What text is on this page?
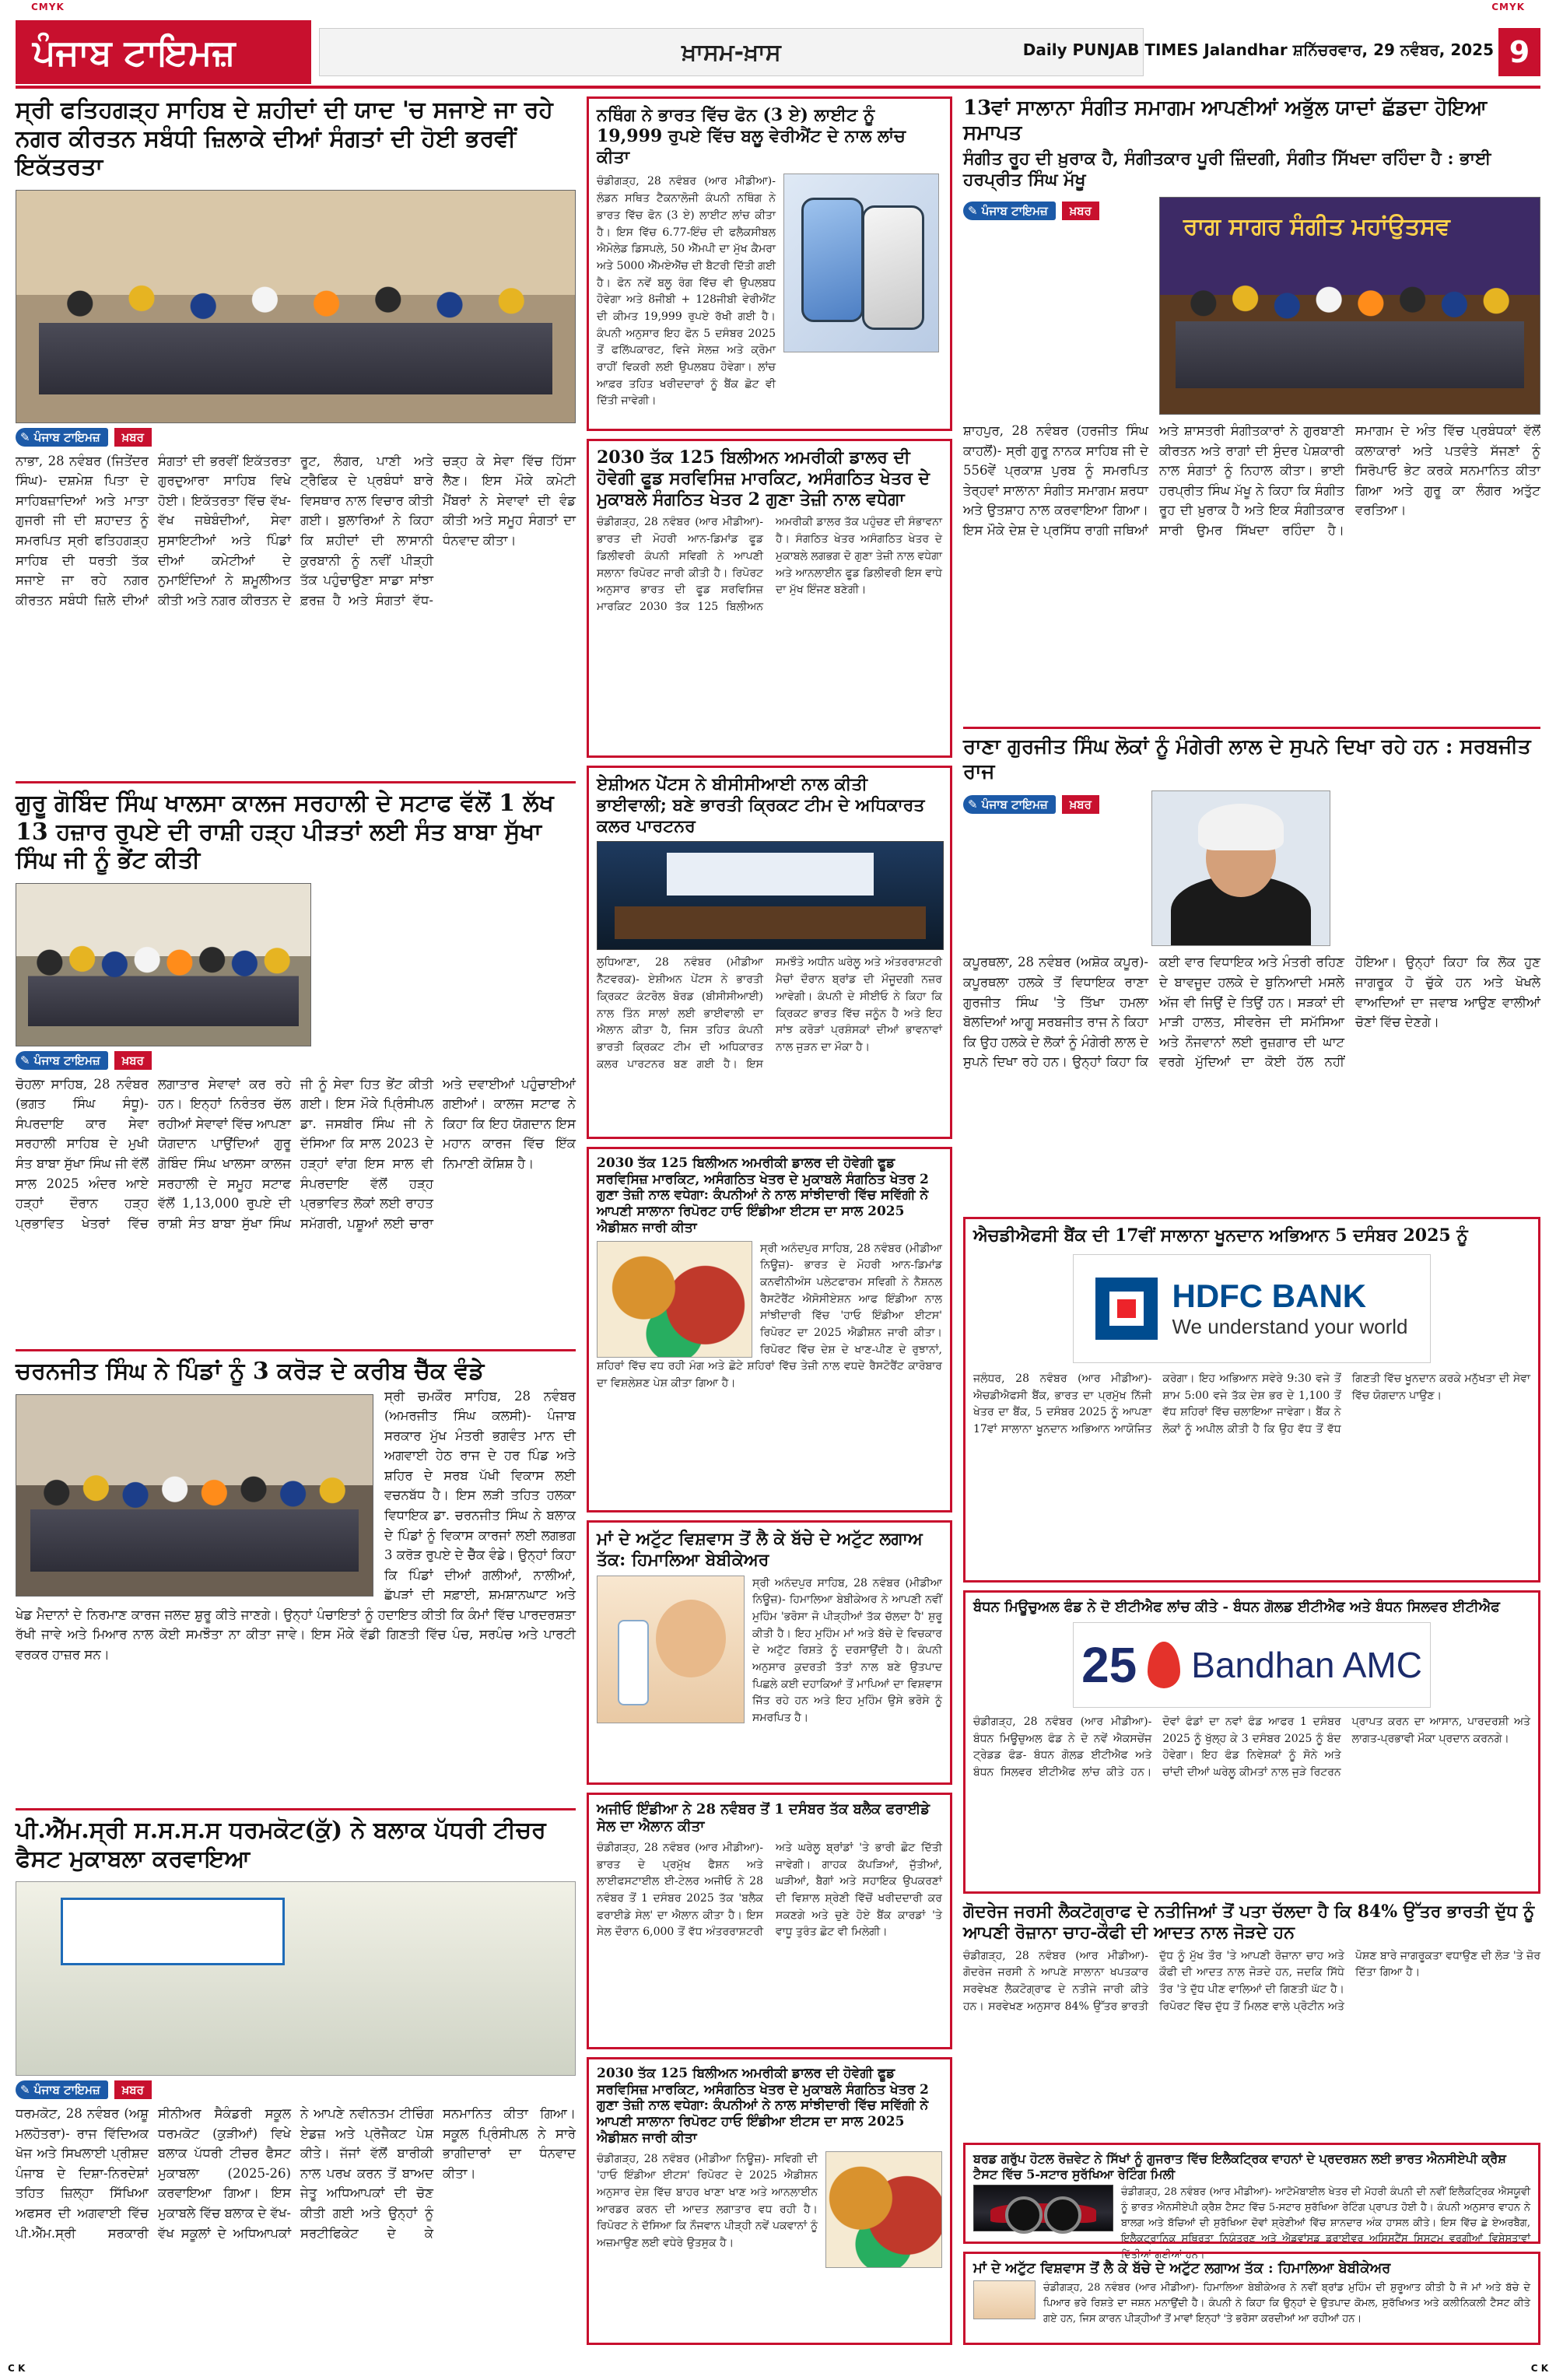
CMYK	CMYK
ਪੰਜਾਬ ਟਾਇਮਜ਼	ਖ਼ਾਸਮ-ਖ਼ਾਸ	Daily PUNJAB TIMES Jalandhar ਸ਼ਨਿੱਚਰਵਾਰ, 29 ਨਵੰਬਰ, 2025 9
ਸ੍ਰੀ ਫਤਿਹਗੜ੍ਹ ਸਾਹਿਬ ਦੇ ਸ਼ਹੀਦਾਂ ਦੀ ਯਾਦ 'ਚ ਸਜਾਏ ਜਾ ਰਹੇ ਨਗਰ ਕੀਰਤਨ ਸਬੰਧੀ ਜ਼ਿਲਾਕੇ ਦੀਆਂ ਸੰਗਤਾਂ ਦੀ ਹੋਈ ਭਰਵੀਂ ਇਕੱਤਰਤਾ
✎ ਪੰਜਾਬ ਟਾਇਮਜ਼	ਖ਼ਬਰ

ਨਾਭਾ, 28 ਨਵੰਬਰ (ਜਿਤੇਂਦਰ ਸਿੰਘ)- ਦਸ਼ਮੇਸ਼ ਪਿਤਾ ਦੇ ਸਾਹਿਬਜ਼ਾਦਿਆਂ ਅਤੇ ਮਾਤਾ ਗੁਜਰੀ ਜੀ ਦੀ ਸ਼ਹਾਦਤ ਨੂੰ ਸਮਰਪਿਤ ਸ੍ਰੀ ਫਤਿਹਗੜ੍ਹ ਸਾਹਿਬ ਦੀ ਧਰਤੀ ਤੱਕ ਸਜਾਏ ਜਾ ਰਹੇ ਨਗਰ ਕੀਰਤਨ ਸਬੰਧੀ ਜ਼ਿਲੇ ਦੀਆਂ ਸੰਗਤਾਂ ਦੀ ਭਰਵੀਂ ਇਕੱਤਰਤਾ ਗੁਰਦੁਆਰਾ ਸਾਹਿਬ ਵਿਖੇ ਹੋਈ। ਇਕੱਤਰਤਾ ਵਿੱਚ ਵੱਖ-ਵੱਖ ਜਥੇਬੰਦੀਆਂ, ਸੇਵਾ ਸੁਸਾਇਟੀਆਂ ਅਤੇ ਪਿੰਡਾਂ ਦੀਆਂ ਕਮੇਟੀਆਂ ਦੇ ਨੁਮਾਇੰਦਿਆਂ ਨੇ ਸ਼ਮੂਲੀਅਤ ਕੀਤੀ ਅਤੇ ਨਗਰ ਕੀਰਤਨ ਦੇ ਰੂਟ, ਲੰਗਰ, ਪਾਣੀ ਅਤੇ ਟ੍ਰੈਫਿਕ ਦੇ ਪ੍ਰਬੰਧਾਂ ਬਾਰੇ ਵਿਸਥਾਰ ਨਾਲ ਵਿਚਾਰ ਕੀਤੀ ਗਈ। ਬੁਲਾਰਿਆਂ ਨੇ ਕਿਹਾ ਕਿ ਸ਼ਹੀਦਾਂ ਦੀ ਲਾਸਾਨੀ ਕੁਰਬਾਨੀ ਨੂੰ ਨਵੀਂ ਪੀੜ੍ਹੀ ਤੱਕ ਪਹੁੰਚਾਉਣਾ ਸਾਡਾ ਸਾਂਝਾ ਫ਼ਰਜ਼ ਹੈ ਅਤੇ ਸੰਗਤਾਂ ਵੱਧ-ਚੜ੍ਹ ਕੇ ਸੇਵਾ ਵਿੱਚ ਹਿੱਸਾ ਲੈਣ। ਇਸ ਮੌਕੇ ਕਮੇਟੀ ਮੈਂਬਰਾਂ ਨੇ ਸੇਵਾਵਾਂ ਦੀ ਵੰਡ ਕੀਤੀ ਅਤੇ ਸਮੂਹ ਸੰਗਤਾਂ ਦਾ ਧੰਨਵਾਦ ਕੀਤਾ।

ਗੁਰੂ ਗੋਬਿੰਦ ਸਿੰਘ ਖਾਲਸਾ ਕਾਲਜ ਸਰਹਾਲੀ ਦੇ ਸਟਾਫ ਵੱਲੋਂ 1 ਲੱਖ 13 ਹਜ਼ਾਰ ਰੁਪਏ ਦੀ ਰਾਸ਼ੀ ਹੜ੍ਹ ਪੀੜਤਾਂ ਲਈ ਸੰਤ ਬਾਬਾ ਸੁੱਖਾ ਸਿੰਘ ਜੀ ਨੂੰ ਭੇਂਟ ਕੀਤੀ
✎ ਪੰਜਾਬ ਟਾਇਮਜ਼	ਖ਼ਬਰ

ਚੋਹਲਾ ਸਾਹਿਬ, 28 ਨਵੰਬਰ (ਭਗਤ ਸਿੰਘ ਸੰਧੂ)- ਸੰਪਰਦਾਇ ਕਾਰ ਸੇਵਾ ਸਰਹਾਲੀ ਸਾਹਿਬ ਦੇ ਮੁਖੀ ਸੰਤ ਬਾਬਾ ਸੁੱਖਾ ਸਿੰਘ ਜੀ ਵੱਲੋਂ ਸਾਲ 2025 ਅੰਦਰ ਆਏ ਹੜ੍ਹਾਂ ਦੌਰਾਨ ਹੜ੍ਹ ਪ੍ਰਭਾਵਿਤ ਖੇਤਰਾਂ ਵਿੱਚ ਲਗਾਤਾਰ ਸੇਵਾਵਾਂ ਕਰ ਰਹੇ ਹਨ। ਇਨ੍ਹਾਂ ਨਿਰੰਤਰ ਚੱਲ ਰਹੀਆਂ ਸੇਵਾਵਾਂ ਵਿੱਚ ਆਪਣਾ ਯੋਗਦਾਨ ਪਾਉਂਦਿਆਂ ਗੁਰੂ ਗੋਬਿੰਦ ਸਿੰਘ ਖਾਲਸਾ ਕਾਲਜ ਸਰਹਾਲੀ ਦੇ ਸਮੂਹ ਸਟਾਫ ਵੱਲੋਂ 1,13,000 ਰੁਪਏ ਦੀ ਰਾਸ਼ੀ ਸੰਤ ਬਾਬਾ ਸੁੱਖਾ ਸਿੰਘ ਜੀ ਨੂੰ ਸੇਵਾ ਹਿਤ ਭੇਂਟ ਕੀਤੀ ਗਈ। ਇਸ ਮੌਕੇ ਪ੍ਰਿੰਸੀਪਲ ਡਾ. ਜਸਬੀਰ ਸਿੰਘ ਜੀ ਨੇ ਦੱਸਿਆ ਕਿ ਸਾਲ 2023 ਦੇ ਹੜ੍ਹਾਂ ਵਾਂਗ ਇਸ ਸਾਲ ਵੀ ਸੰਪਰਦਾਇ ਵੱਲੋਂ ਹੜ੍ਹ ਪ੍ਰਭਾਵਿਤ ਲੋਕਾਂ ਲਈ ਰਾਹਤ ਸਮੱਗਰੀ, ਪਸ਼ੂਆਂ ਲਈ ਚਾਰਾ ਅਤੇ ਦਵਾਈਆਂ ਪਹੁੰਚਾਈਆਂ ਗਈਆਂ। ਕਾਲਜ ਸਟਾਫ ਨੇ ਕਿਹਾ ਕਿ ਇਹ ਯੋਗਦਾਨ ਇਸ ਮਹਾਨ ਕਾਰਜ ਵਿੱਚ ਇੱਕ ਨਿਮਾਣੀ ਕੋਸ਼ਿਸ਼ ਹੈ।

ਚਰਨਜੀਤ ਸਿੰਘ ਨੇ ਪਿੰਡਾਂ ਨੂੰ 3 ਕਰੋੜ ਦੇ ਕਰੀਬ ਚੈੱਕ ਵੰਡੇ

ਸ੍ਰੀ ਚਮਕੌਰ ਸਾਹਿਬ, 28 ਨਵੰਬਰ (ਅਮਰਜੀਤ ਸਿੰਘ ਕਲਸੀ)- ਪੰਜਾਬ ਸਰਕਾਰ ਮੁੱਖ ਮੰਤਰੀ ਭਗਵੰਤ ਮਾਨ ਦੀ ਅਗਵਾਈ ਹੇਠ ਰਾਜ ਦੇ ਹਰ ਪਿੰਡ ਅਤੇ ਸ਼ਹਿਰ ਦੇ ਸਰਬ ਪੱਖੀ ਵਿਕਾਸ ਲਈ ਵਚਨਬੱਧ ਹੈ। ਇਸ ਲੜੀ ਤਹਿਤ ਹਲਕਾ ਵਿਧਾਇਕ ਡਾ. ਚਰਨਜੀਤ ਸਿੰਘ ਨੇ ਬਲਾਕ ਦੇ ਪਿੰਡਾਂ ਨੂੰ ਵਿਕਾਸ ਕਾਰਜਾਂ ਲਈ ਲਗਭਗ 3 ਕਰੋੜ ਰੁਪਏ ਦੇ ਚੈੱਕ ਵੰਡੇ। ਉਨ੍ਹਾਂ ਕਿਹਾ ਕਿ ਪਿੰਡਾਂ ਦੀਆਂ ਗਲੀਆਂ, ਨਾਲੀਆਂ, ਛੱਪੜਾਂ ਦੀ ਸਫ਼ਾਈ, ਸ਼ਮਸ਼ਾਨਘਾਟ ਅਤੇ ਖੇਡ ਮੈਦਾਨਾਂ ਦੇ ਨਿਰਮਾਣ ਕਾਰਜ ਜਲਦ ਸ਼ੁਰੂ ਕੀਤੇ ਜਾਣਗੇ। ਉਨ੍ਹਾਂ ਪੰਚਾਇਤਾਂ ਨੂੰ ਹਦਾਇਤ ਕੀਤੀ ਕਿ ਕੰਮਾਂ ਵਿੱਚ ਪਾਰਦਰਸ਼ਤਾ ਰੱਖੀ ਜਾਵੇ ਅਤੇ ਮਿਆਰ ਨਾਲ ਕੋਈ ਸਮਝੌਤਾ ਨਾ ਕੀਤਾ ਜਾਵੇ। ਇਸ ਮੌਕੇ ਵੱਡੀ ਗਿਣਤੀ ਵਿੱਚ ਪੰਚ, ਸਰਪੰਚ ਅਤੇ ਪਾਰਟੀ ਵਰਕਰ ਹਾਜ਼ਰ ਸਨ।

ਪੀ.ਐੱਮ.ਸ੍ਰੀ ਸ.ਸ.ਸ.ਸ ਧਰਮਕੋਟ(ਕੁੱ) ਨੇ ਬਲਾਕ ਪੱਧਰੀ ਟੀਚਰ ਫੈਸਟ ਮੁਕਾਬਲਾ ਕਰਵਾਇਆ
✎ ਪੰਜਾਬ ਟਾਇਮਜ਼	ਖ਼ਬਰ

ਧਰਮਕੋਟ, 28 ਨਵੰਬਰ (ਅਸ਼ੂ ਮਲਹੋਤਰਾ)- ਰਾਜ ਵਿੱਦਿਅਕ ਖੋਜ ਅਤੇ ਸਿਖਲਾਈ ਪ੍ਰੀਸ਼ਦ ਪੰਜਾਬ ਦੇ ਦਿਸ਼ਾ-ਨਿਰਦੇਸ਼ਾਂ ਤਹਿਤ ਜ਼ਿਲ੍ਹਾ ਸਿੱਖਿਆ ਅਫਸਰ ਦੀ ਅਗਵਾਈ ਵਿੱਚ ਪੀ.ਐੱਮ.ਸ੍ਰੀ ਸਰਕਾਰੀ ਸੀਨੀਅਰ ਸੈਕੰਡਰੀ ਸਕੂਲ ਧਰਮਕੋਟ (ਕੁੜੀਆਂ) ਵਿਖੇ ਬਲਾਕ ਪੱਧਰੀ ਟੀਚਰ ਫੈਸਟ ਮੁਕਾਬਲਾ (2025-26) ਕਰਵਾਇਆ ਗਿਆ। ਇਸ ਮੁਕਾਬਲੇ ਵਿੱਚ ਬਲਾਕ ਦੇ ਵੱਖ-ਵੱਖ ਸਕੂਲਾਂ ਦੇ ਅਧਿਆਪਕਾਂ ਨੇ ਆਪਣੇ ਨਵੀਨਤਮ ਟੀਚਿੰਗ ਏਡਜ਼ ਅਤੇ ਪ੍ਰੋਜੈਕਟ ਪੇਸ਼ ਕੀਤੇ। ਜੱਜਾਂ ਵੱਲੋਂ ਬਾਰੀਕੀ ਨਾਲ ਪਰਖ ਕਰਨ ਤੋਂ ਬਾਅਦ ਜੇਤੂ ਅਧਿਆਪਕਾਂ ਦੀ ਚੋਣ ਕੀਤੀ ਗਈ ਅਤੇ ਉਨ੍ਹਾਂ ਨੂੰ ਸਰਟੀਫਿਕੇਟ ਦੇ ਕੇ ਸਨਮਾਨਿਤ ਕੀਤਾ ਗਿਆ। ਸਕੂਲ ਪ੍ਰਿੰਸੀਪਲ ਨੇ ਸਾਰੇ ਭਾਗੀਦਾਰਾਂ ਦਾ ਧੰਨਵਾਦ ਕੀਤਾ।

ਨਥਿੰਗ ਨੇ ਭਾਰਤ ਵਿੱਚ ਫੋਨ (3 ਏ) ਲਾਈਟ ਨੂੰ 19,999 ਰੁਪਏ ਵਿੱਚ ਬਲੂ ਵੇਰੀਐਂਟ ਦੇ ਨਾਲ ਲਾਂਚ ਕੀਤਾ

ਚੰਡੀਗੜ੍ਹ, 28 ਨਵੰਬਰ (ਆਰ ਮੀਡੀਆ)- ਲੰਡਨ ਸਥਿਤ ਟੈਕਨਾਲੋਜੀ ਕੰਪਨੀ ਨਥਿੰਗ ਨੇ ਭਾਰਤ ਵਿੱਚ ਫੋਨ (3 ਏ) ਲਾਈਟ ਲਾਂਚ ਕੀਤਾ ਹੈ। ਇਸ ਵਿੱਚ 6.77-ਇੰਚ ਦੀ ਫਲੈਕਸੀਬਲ ਐਮੋਲੇਡ ਡਿਸਪਲੇ, 50 ਐੱਮਪੀ ਦਾ ਮੁੱਖ ਕੈਮਰਾ ਅਤੇ 5000 ਐੱਮਏਐੱਚ ਦੀ ਬੈਟਰੀ ਦਿੱਤੀ ਗਈ ਹੈ। ਫੋਨ ਨਵੇਂ ਬਲੂ ਰੰਗ ਵਿੱਚ ਵੀ ਉਪਲਬਧ ਹੋਵੇਗਾ ਅਤੇ 8ਜੀਬੀ + 128ਜੀਬੀ ਵੇਰੀਐਂਟ ਦੀ ਕੀਮਤ 19,999 ਰੁਪਏ ਰੱਖੀ ਗਈ ਹੈ। ਕੰਪਨੀ ਅਨੁਸਾਰ ਇਹ ਫੋਨ 5 ਦਸੰਬਰ 2025 ਤੋਂ ਫਲਿੱਪਕਾਰਟ, ਵਿਜੇ ਸੇਲਜ਼ ਅਤੇ ਕ੍ਰੋਮਾ ਰਾਹੀਂ ਵਿਕਰੀ ਲਈ ਉਪਲਬਧ ਹੋਵੇਗਾ। ਲਾਂਚ ਆਫ਼ਰ ਤਹਿਤ ਖਰੀਦਦਾਰਾਂ ਨੂੰ ਬੈਂਕ ਛੋਟ ਵੀ ਦਿੱਤੀ ਜਾਵੇਗੀ।

2030 ਤੱਕ 125 ਬਿਲੀਅਨ ਅਮਰੀਕੀ ਡਾਲਰ ਦੀ ਹੋਵੇਗੀ ਫੂਡ ਸਰਵਿਸਿਜ਼ ਮਾਰਕਿਟ, ਅਸੰਗਠਿਤ ਖੇਤਰ ਦੇ ਮੁਕਾਬਲੇ ਸੰਗਠਿਤ ਖੇਤਰ 2 ਗੁਣਾ ਤੇਜ਼ੀ ਨਾਲ ਵਧੇਗਾ

ਚੰਡੀਗੜ੍ਹ, 28 ਨਵੰਬਰ (ਆਰ ਮੀਡੀਆ)- ਭਾਰਤ ਦੀ ਮੋਹਰੀ ਆਨ-ਡਿਮਾਂਡ ਫੂਡ ਡਿਲੀਵਰੀ ਕੰਪਨੀ ਸਵਿਗੀ ਨੇ ਆਪਣੀ ਸਲਾਨਾ ਰਿਪੋਰਟ ਜਾਰੀ ਕੀਤੀ ਹੈ। ਰਿਪੋਰਟ ਅਨੁਸਾਰ ਭਾਰਤ ਦੀ ਫੂਡ ਸਰਵਿਸਿਜ਼ ਮਾਰਕਿਟ 2030 ਤੱਕ 125 ਬਿਲੀਅਨ ਅਮਰੀਕੀ ਡਾਲਰ ਤੱਕ ਪਹੁੰਚਣ ਦੀ ਸੰਭਾਵਨਾ ਹੈ। ਸੰਗਠਿਤ ਖੇਤਰ ਅਸੰਗਠਿਤ ਖੇਤਰ ਦੇ ਮੁਕਾਬਲੇ ਲਗਭਗ ਦੋ ਗੁਣਾ ਤੇਜ਼ੀ ਨਾਲ ਵਧੇਗਾ ਅਤੇ ਆਨਲਾਈਨ ਫੂਡ ਡਿਲੀਵਰੀ ਇਸ ਵਾਧੇ ਦਾ ਮੁੱਖ ਇੰਜਣ ਬਣੇਗੀ।

ਏਸ਼ੀਅਨ ਪੇਂਟਸ ਨੇ ਬੀਸੀਸੀਆਈ ਨਾਲ ਕੀਤੀ ਭਾਈਵਾਲੀ; ਬਣੇ ਭਾਰਤੀ ਕ੍ਰਿਕਟ ਟੀਮ ਦੇ ਅਧਿਕਾਰਤ ਕਲਰ ਪਾਰਟਨਰ

ਲੁਧਿਆਣਾ, 28 ਨਵੰਬਰ (ਮੀਡੀਆ ਨੈੱਟਵਰਕ)- ਏਸ਼ੀਅਨ ਪੇਂਟਸ ਨੇ ਭਾਰਤੀ ਕ੍ਰਿਕਟ ਕੰਟਰੋਲ ਬੋਰਡ (ਬੀਸੀਸੀਆਈ) ਨਾਲ ਤਿੰਨ ਸਾਲਾਂ ਲਈ ਭਾਈਵਾਲੀ ਦਾ ਐਲਾਨ ਕੀਤਾ ਹੈ, ਜਿਸ ਤਹਿਤ ਕੰਪਨੀ ਭਾਰਤੀ ਕ੍ਰਿਕਟ ਟੀਮ ਦੀ ਅਧਿਕਾਰਤ ਕਲਰ ਪਾਰਟਨਰ ਬਣ ਗਈ ਹੈ। ਇਸ ਸਮਝੌਤੇ ਅਧੀਨ ਘਰੇਲੂ ਅਤੇ ਅੰਤਰਰਾਸ਼ਟਰੀ ਮੈਚਾਂ ਦੌਰਾਨ ਬ੍ਰਾਂਡ ਦੀ ਮੌਜੂਦਗੀ ਨਜ਼ਰ ਆਵੇਗੀ। ਕੰਪਨੀ ਦੇ ਸੀਈਓ ਨੇ ਕਿਹਾ ਕਿ ਕ੍ਰਿਕਟ ਭਾਰਤ ਵਿੱਚ ਜਨੂੰਨ ਹੈ ਅਤੇ ਇਹ ਸਾਂਝ ਕਰੋੜਾਂ ਪ੍ਰਸ਼ੰਸਕਾਂ ਦੀਆਂ ਭਾਵਨਾਵਾਂ ਨਾਲ ਜੁੜਨ ਦਾ ਮੌਕਾ ਹੈ।

2030 ਤੱਕ 125 ਬਿਲੀਅਨ ਅਮਰੀਕੀ ਡਾਲਰ ਦੀ ਹੋਵੇਗੀ ਫੂਡ ਸਰਵਿਸਿਜ਼ ਮਾਰਕਿਟ, ਅਸੰਗਠਿਤ ਖੇਤਰ ਦੇ ਮੁਕਾਬਲੇ ਸੰਗਠਿਤ ਖੇਤਰ 2 ਗੁਣਾ ਤੇਜ਼ੀ ਨਾਲ ਵਧੇਗਾ: ਕੰਪਨੀਆਂ ਨੇ ਨਾਲ ਸਾਂਝੀਦਾਰੀ ਵਿੱਚ ਸਵਿੱਗੀ ਨੇ ਆਪਣੀ ਸਾਲਾਨਾ ਰਿਪੋਰਟ ਹਾਓ ਇੰਡੀਆ ਈਟਸ ਦਾ ਸਾਲ 2025 ਐਡੀਸ਼ਨ ਜਾਰੀ ਕੀਤਾ

ਸ੍ਰੀ ਅਨੰਦਪੁਰ ਸਾਹਿਬ, 28 ਨਵੰਬਰ (ਮੀਡੀਆ ਨਿਊਜ਼)- ਭਾਰਤ ਦੇ ਮੋਹਰੀ ਆਨ-ਡਿਮਾਂਡ ਕਨਵੀਨੀਅੰਸ ਪਲੇਟਫਾਰਮ ਸਵਿਗੀ ਨੇ ਨੈਸ਼ਨਲ ਰੈਸਟੋਰੈਂਟ ਐਸੋਸੀਏਸ਼ਨ ਆਫ ਇੰਡੀਆ ਨਾਲ ਸਾਂਝੀਦਾਰੀ ਵਿੱਚ 'ਹਾਓ ਇੰਡੀਆ ਈਟਸ' ਰਿਪੋਰਟ ਦਾ 2025 ਐਡੀਸ਼ਨ ਜਾਰੀ ਕੀਤਾ। ਰਿਪੋਰਟ ਵਿੱਚ ਦੇਸ਼ ਦੇ ਖਾਣ-ਪੀਣ ਦੇ ਰੁਝਾਨਾਂ, ਸ਼ਹਿਰਾਂ ਵਿੱਚ ਵਧ ਰਹੀ ਮੰਗ ਅਤੇ ਛੋਟੇ ਸ਼ਹਿਰਾਂ ਵਿੱਚ ਤੇਜ਼ੀ ਨਾਲ ਵਧਦੇ ਰੈਸਟੋਰੈਂਟ ਕਾਰੋਬਾਰ ਦਾ ਵਿਸ਼ਲੇਸ਼ਣ ਪੇਸ਼ ਕੀਤਾ ਗਿਆ ਹੈ।

ਮਾਂ ਦੇ ਅਟੁੱਟ ਵਿਸ਼ਵਾਸ ਤੋਂ ਲੈ ਕੇ ਬੱਚੇ ਦੇ ਅਟੁੱਟ ਲਗਾਅ ਤੱਕ: ਹਿਮਾਲਿਆ ਬੇਬੀਕੇਅਰ

ਸ੍ਰੀ ਅਨੰਦਪੁਰ ਸਾਹਿਬ, 28 ਨਵੰਬਰ (ਮੀਡੀਆ ਨਿਊਜ਼)- ਹਿਮਾਲਿਆ ਬੇਬੀਕੇਅਰ ਨੇ ਆਪਣੀ ਨਵੀਂ ਮੁਹਿੰਮ 'ਭਰੋਸਾ ਜੋ ਪੀੜ੍ਹੀਆਂ ਤੱਕ ਚੱਲਦਾ ਹੈ' ਸ਼ੁਰੂ ਕੀਤੀ ਹੈ। ਇਹ ਮੁਹਿੰਮ ਮਾਂ ਅਤੇ ਬੱਚੇ ਦੇ ਵਿਚਕਾਰ ਦੇ ਅਟੁੱਟ ਰਿਸ਼ਤੇ ਨੂੰ ਦਰਸਾਉਂਦੀ ਹੈ। ਕੰਪਨੀ ਅਨੁਸਾਰ ਕੁਦਰਤੀ ਤੱਤਾਂ ਨਾਲ ਬਣੇ ਉਤਪਾਦ ਪਿਛਲੇ ਕਈ ਦਹਾਕਿਆਂ ਤੋਂ ਮਾਪਿਆਂ ਦਾ ਵਿਸ਼ਵਾਸ ਜਿੱਤ ਰਹੇ ਹਨ ਅਤੇ ਇਹ ਮੁਹਿੰਮ ਉਸੇ ਭਰੋਸੇ ਨੂੰ ਸਮਰਪਿਤ ਹੈ।

ਅਜੀਓ ਇੰਡੀਆ ਨੇ 28 ਨਵੰਬਰ ਤੋਂ 1 ਦਸੰਬਰ ਤੱਕ ਬਲੈਕ ਫਰਾਈਡੇ ਸੇਲ ਦਾ ਐਲਾਨ ਕੀਤਾ

ਚੰਡੀਗੜ੍ਹ, 28 ਨਵੰਬਰ (ਆਰ ਮੀਡੀਆ)- ਭਾਰਤ ਦੇ ਪ੍ਰਮੁੱਖ ਫੈਸ਼ਨ ਅਤੇ ਲਾਈਫਸਟਾਈਲ ਈ-ਟੇਲਰ ਅਜੀਓ ਨੇ 28 ਨਵੰਬਰ ਤੋਂ 1 ਦਸੰਬਰ 2025 ਤੱਕ 'ਬਲੈਕ ਫਰਾਈਡੇ ਸੇਲ' ਦਾ ਐਲਾਨ ਕੀਤਾ ਹੈ। ਇਸ ਸੇਲ ਦੌਰਾਨ 6,000 ਤੋਂ ਵੱਧ ਅੰਤਰਰਾਸ਼ਟਰੀ ਅਤੇ ਘਰੇਲੂ ਬ੍ਰਾਂਡਾਂ 'ਤੇ ਭਾਰੀ ਛੋਟ ਦਿੱਤੀ ਜਾਵੇਗੀ। ਗਾਹਕ ਕੱਪੜਿਆਂ, ਜੁੱਤੀਆਂ, ਘੜੀਆਂ, ਬੈਗਾਂ ਅਤੇ ਸਹਾਇਕ ਉਪਕਰਣਾਂ ਦੀ ਵਿਸ਼ਾਲ ਸ਼੍ਰੇਣੀ ਵਿੱਚੋਂ ਖਰੀਦਦਾਰੀ ਕਰ ਸਕਣਗੇ ਅਤੇ ਚੁਣੇ ਹੋਏ ਬੈਂਕ ਕਾਰਡਾਂ 'ਤੇ ਵਾਧੂ ਤੁਰੰਤ ਛੋਟ ਵੀ ਮਿਲੇਗੀ।

2030 ਤੱਕ 125 ਬਿਲੀਅਨ ਅਮਰੀਕੀ ਡਾਲਰ ਦੀ ਹੋਵੇਗੀ ਫੂਡ ਸਰਵਿਸਿਜ਼ ਮਾਰਕਿਟ, ਅਸੰਗਠਿਤ ਖੇਤਰ ਦੇ ਮੁਕਾਬਲੇ ਸੰਗਠਿਤ ਖੇਤਰ 2 ਗੁਣਾ ਤੇਜ਼ੀ ਨਾਲ ਵਧੇਗਾ: ਕੰਪਨੀਆਂ ਨੇ ਨਾਲ ਸਾਂਝੀਦਾਰੀ ਵਿੱਚ ਸਵਿੱਗੀ ਨੇ ਆਪਣੀ ਸਾਲਾਨਾ ਰਿਪੋਰਟ ਹਾਓ ਇੰਡੀਆ ਈਟਸ ਦਾ ਸਾਲ 2025 ਐਡੀਸ਼ਨ ਜਾਰੀ ਕੀਤਾ

ਚੰਡੀਗੜ੍ਹ, 28 ਨਵੰਬਰ (ਮੀਡੀਆ ਨਿਊਜ਼)- ਸਵਿਗੀ ਦੀ 'ਹਾਓ ਇੰਡੀਆ ਈਟਸ' ਰਿਪੋਰਟ ਦੇ 2025 ਐਡੀਸ਼ਨ ਅਨੁਸਾਰ ਦੇਸ਼ ਵਿੱਚ ਬਾਹਰ ਖਾਣਾ ਖਾਣ ਅਤੇ ਆਨਲਾਈਨ ਆਰਡਰ ਕਰਨ ਦੀ ਆਦਤ ਲਗਾਤਾਰ ਵਧ ਰਹੀ ਹੈ। ਰਿਪੋਰਟ ਨੇ ਦੱਸਿਆ ਕਿ ਨੌਜਵਾਨ ਪੀੜ੍ਹੀ ਨਵੇਂ ਪਕਵਾਨਾਂ ਨੂੰ ਅਜ਼ਮਾਉਣ ਲਈ ਵਧੇਰੇ ਉਤਸੁਕ ਹੈ।

13ਵਾਂ ਸਾਲਾਨਾ ਸੰਗੀਤ ਸਮਾਗਮ ਆਪਣੀਆਂ ਅਭੁੱਲ ਯਾਦਾਂ ਛੱਡਦਾ ਹੋਇਆ ਸਮਾਪਤ
ਸੰਗੀਤ ਰੂਹ ਦੀ ਖ਼ੁਰਾਕ ਹੈ, ਸੰਗੀਤਕਾਰ ਪੂਰੀ ਜ਼ਿੰਦਗੀ, ਸੰਗੀਤ ਸਿੱਖਦਾ ਰਹਿੰਦਾ ਹੈ : ਭਾਈ ਹਰਪ੍ਰੀਤ ਸਿੰਘ ਮੱਖੂ
✎ ਪੰਜਾਬ ਟਾਇਮਜ਼	ਖ਼ਬਰ
ਰਾਗ ਸਾਗਰ ਸੰਗੀਤ ਮਹਾਂਉਤਸਵ

ਸ਼ਾਹਪੁਰ, 28 ਨਵੰਬਰ (ਹਰਜੀਤ ਸਿੰਘ ਕਾਹਲੋਂ)- ਸ੍ਰੀ ਗੁਰੂ ਨਾਨਕ ਸਾਹਿਬ ਜੀ ਦੇ 556ਵੇਂ ਪ੍ਰਕਾਸ਼ ਪੁਰਬ ਨੂੰ ਸਮਰਪਿਤ ਤੇਰ੍ਹਵਾਂ ਸਾਲਾਨਾ ਸੰਗੀਤ ਸਮਾਗਮ ਸ਼ਰਧਾ ਅਤੇ ਉਤਸ਼ਾਹ ਨਾਲ ਕਰਵਾਇਆ ਗਿਆ। ਇਸ ਮੌਕੇ ਦੇਸ਼ ਦੇ ਪ੍ਰਸਿੱਧ ਰਾਗੀ ਜਥਿਆਂ ਅਤੇ ਸ਼ਾਸਤਰੀ ਸੰਗੀਤਕਾਰਾਂ ਨੇ ਗੁਰਬਾਣੀ ਕੀਰਤਨ ਅਤੇ ਰਾਗਾਂ ਦੀ ਸੁੰਦਰ ਪੇਸ਼ਕਾਰੀ ਨਾਲ ਸੰਗਤਾਂ ਨੂੰ ਨਿਹਾਲ ਕੀਤਾ। ਭਾਈ ਹਰਪ੍ਰੀਤ ਸਿੰਘ ਮੱਖੂ ਨੇ ਕਿਹਾ ਕਿ ਸੰਗੀਤ ਰੂਹ ਦੀ ਖ਼ੁਰਾਕ ਹੈ ਅਤੇ ਇਕ ਸੰਗੀਤਕਾਰ ਸਾਰੀ ਉਮਰ ਸਿੱਖਦਾ ਰਹਿੰਦਾ ਹੈ। ਸਮਾਗਮ ਦੇ ਅੰਤ ਵਿੱਚ ਪ੍ਰਬੰਧਕਾਂ ਵੱਲੋਂ ਕਲਾਕਾਰਾਂ ਅਤੇ ਪਤਵੰਤੇ ਸੱਜਣਾਂ ਨੂੰ ਸਿਰੋਪਾਓ ਭੇਟ ਕਰਕੇ ਸਨਮਾਨਿਤ ਕੀਤਾ ਗਿਆ ਅਤੇ ਗੁਰੂ ਕਾ ਲੰਗਰ ਅਤੁੱਟ ਵਰਤਿਆ।

ਰਾਣਾ ਗੁਰਜੀਤ ਸਿੰਘ ਲੋਕਾਂ ਨੂੰ ਮੰਗੇਰੀ ਲਾਲ ਦੇ ਸੁਪਨੇ ਦਿਖਾ ਰਹੇ ਹਨ : ਸਰਬਜੀਤ ਰਾਜ
✎ ਪੰਜਾਬ ਟਾਇਮਜ਼	ਖ਼ਬਰ

ਕਪੂਰਥਲਾ, 28 ਨਵੰਬਰ (ਅਸ਼ੋਕ ਕਪੂਰ)- ਕਪੂਰਥਲਾ ਹਲਕੇ ਤੋਂ ਵਿਧਾਇਕ ਰਾਣਾ ਗੁਰਜੀਤ ਸਿੰਘ 'ਤੇ ਤਿੱਖਾ ਹਮਲਾ ਬੋਲਦਿਆਂ ਆਗੂ ਸਰਬਜੀਤ ਰਾਜ ਨੇ ਕਿਹਾ ਕਿ ਉਹ ਹਲਕੇ ਦੇ ਲੋਕਾਂ ਨੂੰ ਮੰਗੇਰੀ ਲਾਲ ਦੇ ਸੁਪਨੇ ਦਿਖਾ ਰਹੇ ਹਨ। ਉਨ੍ਹਾਂ ਕਿਹਾ ਕਿ ਕਈ ਵਾਰ ਵਿਧਾਇਕ ਅਤੇ ਮੰਤਰੀ ਰਹਿਣ ਦੇ ਬਾਵਜੂਦ ਹਲਕੇ ਦੇ ਬੁਨਿਆਦੀ ਮਸਲੇ ਅੱਜ ਵੀ ਜਿਉਂ ਦੇ ਤਿਉਂ ਹਨ। ਸੜਕਾਂ ਦੀ ਮਾੜੀ ਹਾਲਤ, ਸੀਵਰੇਜ ਦੀ ਸਮੱਸਿਆ ਅਤੇ ਨੌਜਵਾਨਾਂ ਲਈ ਰੁਜ਼ਗਾਰ ਦੀ ਘਾਟ ਵਰਗੇ ਮੁੱਦਿਆਂ ਦਾ ਕੋਈ ਹੱਲ ਨਹੀਂ ਹੋਇਆ। ਉਨ੍ਹਾਂ ਕਿਹਾ ਕਿ ਲੋਕ ਹੁਣ ਜਾਗਰੂਕ ਹੋ ਚੁੱਕੇ ਹਨ ਅਤੇ ਖੋਖਲੇ ਵਾਅਦਿਆਂ ਦਾ ਜਵਾਬ ਆਉਣ ਵਾਲੀਆਂ ਚੋਣਾਂ ਵਿੱਚ ਦੇਣਗੇ।

ਐਚਡੀਐਫਸੀ ਬੈਂਕ ਦੀ 17ਵੀਂ ਸਾਲਾਨਾ ਖੂਨਦਾਨ ਅਭਿਆਨ 5 ਦਸੰਬਰ 2025 ਨੂੰ
HDFC BANK
We understand your world

ਜਲੰਧਰ, 28 ਨਵੰਬਰ (ਆਰ ਮੀਡੀਆ)- ਐਚਡੀਐਫਸੀ ਬੈਂਕ, ਭਾਰਤ ਦਾ ਪ੍ਰਮੁੱਖ ਨਿੱਜੀ ਖੇਤਰ ਦਾ ਬੈਂਕ, 5 ਦਸੰਬਰ 2025 ਨੂੰ ਆਪਣਾ 17ਵਾਂ ਸਾਲਾਨਾ ਖੂਨਦਾਨ ਅਭਿਆਨ ਆਯੋਜਿਤ ਕਰੇਗਾ। ਇਹ ਅਭਿਆਨ ਸਵੇਰੇ 9:30 ਵਜੇ ਤੋਂ ਸ਼ਾਮ 5:00 ਵਜੇ ਤੱਕ ਦੇਸ਼ ਭਰ ਦੇ 1,100 ਤੋਂ ਵੱਧ ਸ਼ਹਿਰਾਂ ਵਿੱਚ ਚਲਾਇਆ ਜਾਵੇਗਾ। ਬੈਂਕ ਨੇ ਲੋਕਾਂ ਨੂੰ ਅਪੀਲ ਕੀਤੀ ਹੈ ਕਿ ਉਹ ਵੱਧ ਤੋਂ ਵੱਧ ਗਿਣਤੀ ਵਿੱਚ ਖੂਨਦਾਨ ਕਰਕੇ ਮਨੁੱਖਤਾ ਦੀ ਸੇਵਾ ਵਿੱਚ ਯੋਗਦਾਨ ਪਾਉਣ।

ਬੰਧਨ ਮਿਊਚੁਅਲ ਫੰਡ ਨੇ ਦੋ ਈਟੀਐਫ ਲਾਂਚ ਕੀਤੇ - ਬੰਧਨ ਗੋਲਡ ਈਟੀਐਫ ਅਤੇ ਬੰਧਨ ਸਿਲਵਰ ਈਟੀਐਫ
25 Bandhan AMC

ਚੰਡੀਗੜ੍ਹ, 28 ਨਵੰਬਰ (ਆਰ ਮੀਡੀਆ)- ਬੰਧਨ ਮਿਊਚੁਅਲ ਫੰਡ ਨੇ ਦੋ ਨਵੇਂ ਐਕਸਚੇਂਜ ਟ੍ਰੇਡਡ ਫੰਡ- ਬੰਧਨ ਗੋਲਡ ਈਟੀਐਫ ਅਤੇ ਬੰਧਨ ਸਿਲਵਰ ਈਟੀਐਫ ਲਾਂਚ ਕੀਤੇ ਹਨ। ਦੋਵਾਂ ਫੰਡਾਂ ਦਾ ਨਵਾਂ ਫੰਡ ਆਫਰ 1 ਦਸੰਬਰ 2025 ਨੂੰ ਖੁੱਲ੍ਹ ਕੇ 3 ਦਸੰਬਰ 2025 ਨੂੰ ਬੰਦ ਹੋਵੇਗਾ। ਇਹ ਫੰਡ ਨਿਵੇਸ਼ਕਾਂ ਨੂੰ ਸੋਨੇ ਅਤੇ ਚਾਂਦੀ ਦੀਆਂ ਘਰੇਲੂ ਕੀਮਤਾਂ ਨਾਲ ਜੁੜੇ ਰਿਟਰਨ ਪ੍ਰਾਪਤ ਕਰਨ ਦਾ ਆਸਾਨ, ਪਾਰਦਰਸ਼ੀ ਅਤੇ ਲਾਗਤ-ਪ੍ਰਭਾਵੀ ਮੌਕਾ ਪ੍ਰਦਾਨ ਕਰਨਗੇ।

ਗੋਦਰੇਜ ਜਰਸੀ ਲੈਕਟੋਗ੍ਰਾਫ ਦੇ ਨਤੀਜਿਆਂ ਤੋਂ ਪਤਾ ਚੱਲਦਾ ਹੈ ਕਿ 84% ਉੱਤਰ ਭਾਰਤੀ ਦੁੱਧ ਨੂੰ ਆਪਣੀ ਰੋਜ਼ਾਨਾ ਚਾਹ-ਕੌਫੀ ਦੀ ਆਦਤ ਨਾਲ ਜੋੜਦੇ ਹਨ

ਚੰਡੀਗੜ੍ਹ, 28 ਨਵੰਬਰ (ਆਰ ਮੀਡੀਆ)- ਗੋਦਰੇਜ ਜਰਸੀ ਨੇ ਆਪਣੇ ਸਾਲਾਨਾ ਖਪਤਕਾਰ ਸਰਵੇਖਣ ਲੈਕਟੋਗ੍ਰਾਫ ਦੇ ਨਤੀਜੇ ਜਾਰੀ ਕੀਤੇ ਹਨ। ਸਰਵੇਖਣ ਅਨੁਸਾਰ 84% ਉੱਤਰ ਭਾਰਤੀ ਦੁੱਧ ਨੂੰ ਮੁੱਖ ਤੌਰ 'ਤੇ ਆਪਣੀ ਰੋਜ਼ਾਨਾ ਚਾਹ ਅਤੇ ਕੌਫੀ ਦੀ ਆਦਤ ਨਾਲ ਜੋੜਦੇ ਹਨ, ਜਦਕਿ ਸਿੱਧੇ ਤੌਰ 'ਤੇ ਦੁੱਧ ਪੀਣ ਵਾਲਿਆਂ ਦੀ ਗਿਣਤੀ ਘੱਟ ਹੈ। ਰਿਪੋਰਟ ਵਿੱਚ ਦੁੱਧ ਤੋਂ ਮਿਲਣ ਵਾਲੇ ਪ੍ਰੋਟੀਨ ਅਤੇ ਪੋਸ਼ਣ ਬਾਰੇ ਜਾਗਰੂਕਤਾ ਵਧਾਉਣ ਦੀ ਲੋੜ 'ਤੇ ਜ਼ੋਰ ਦਿੱਤਾ ਗਿਆ ਹੈ।

ਬਰਡ ਗਰੁੱਪ ਹੋਟਲ ਰੋਜ਼ਵੇਟ ਨੇ ਸਿੱਖਾਂ ਨੂੰ ਗੁਜਰਾਤ ਵਿੱਚ ਇਲੈਕਟ੍ਰਿਕ ਵਾਹਨਾਂ ਦੇ ਪ੍ਰਦਰਸ਼ਨ ਲਈ ਭਾਰਤ ਐਨਸੀਏਪੀ ਕ੍ਰੈਸ਼ ਟੈਸਟ ਵਿੱਚ 5-ਸਟਾਰ ਸੁਰੱਖਿਆ ਰੇਟਿੰਗ ਮਿਲੀ

ਚੰਡੀਗੜ੍ਹ, 28 ਨਵੰਬਰ (ਆਰ ਮੀਡੀਆ)- ਆਟੋਮੋਬਾਈਲ ਖੇਤਰ ਦੀ ਮੋਹਰੀ ਕੰਪਨੀ ਦੀ ਨਵੀਂ ਇਲੈਕਟ੍ਰਿਕ ਐਸਯੂਵੀ ਨੂੰ ਭਾਰਤ ਐਨਸੀਏਪੀ ਕ੍ਰੈਸ਼ ਟੈਸਟ ਵਿੱਚ 5-ਸਟਾਰ ਸੁਰੱਖਿਆ ਰੇਟਿੰਗ ਪ੍ਰਾਪਤ ਹੋਈ ਹੈ। ਕੰਪਨੀ ਅਨੁਸਾਰ ਵਾਹਨ ਨੇ ਬਾਲਗ ਅਤੇ ਬੱਚਿਆਂ ਦੀ ਸੁਰੱਖਿਆ ਦੋਵਾਂ ਸ਼੍ਰੇਣੀਆਂ ਵਿੱਚ ਸ਼ਾਨਦਾਰ ਅੰਕ ਹਾਸਲ ਕੀਤੇ। ਇਸ ਵਿੱਚ ਛੇ ਏਅਰਬੈਗ, ਇਲੈਕਟ੍ਰਾਨਿਕ ਸਥਿਰਤਾ ਨਿਯੰਤਰਣ ਅਤੇ ਐਡਵਾਂਸਡ ਡਰਾਈਵਰ ਅਸਿਸਟੈਂਸ ਸਿਸਟਮ ਵਰਗੀਆਂ ਵਿਸ਼ੇਸ਼ਤਾਵਾਂ ਦਿੱਤੀਆਂ ਗਈਆਂ ਹਨ।

ਮਾਂ ਦੇ ਅਟੁੱਟ ਵਿਸ਼ਵਾਸ ਤੋਂ ਲੈ ਕੇ ਬੱਚੇ ਦੇ ਅਟੁੱਟ ਲਗਾਅ ਤੱਕ : ਹਿਮਾਲਿਆ ਬੇਬੀਕੇਅਰ

ਚੰਡੀਗੜ੍ਹ, 28 ਨਵੰਬਰ (ਆਰ ਮੀਡੀਆ)- ਹਿਮਾਲਿਆ ਬੇਬੀਕੇਅਰ ਨੇ ਨਵੀਂ ਬ੍ਰਾਂਡ ਮੁਹਿੰਮ ਦੀ ਸ਼ੁਰੂਆਤ ਕੀਤੀ ਹੈ ਜੋ ਮਾਂ ਅਤੇ ਬੱਚੇ ਦੇ ਪਿਆਰ ਭਰੇ ਰਿਸ਼ਤੇ ਦਾ ਜਸ਼ਨ ਮਨਾਉਂਦੀ ਹੈ। ਕੰਪਨੀ ਨੇ ਕਿਹਾ ਕਿ ਉਨ੍ਹਾਂ ਦੇ ਉਤਪਾਦ ਕੋਮਲ, ਸੁਰੱਖਿਅਤ ਅਤੇ ਕਲੀਨਿਕਲੀ ਟੈਸਟ ਕੀਤੇ ਗਏ ਹਨ, ਜਿਸ ਕਾਰਨ ਪੀੜ੍ਹੀਆਂ ਤੋਂ ਮਾਵਾਂ ਇਨ੍ਹਾਂ 'ਤੇ ਭਰੋਸਾ ਕਰਦੀਆਂ ਆ ਰਹੀਆਂ ਹਨ।

C K	C K
